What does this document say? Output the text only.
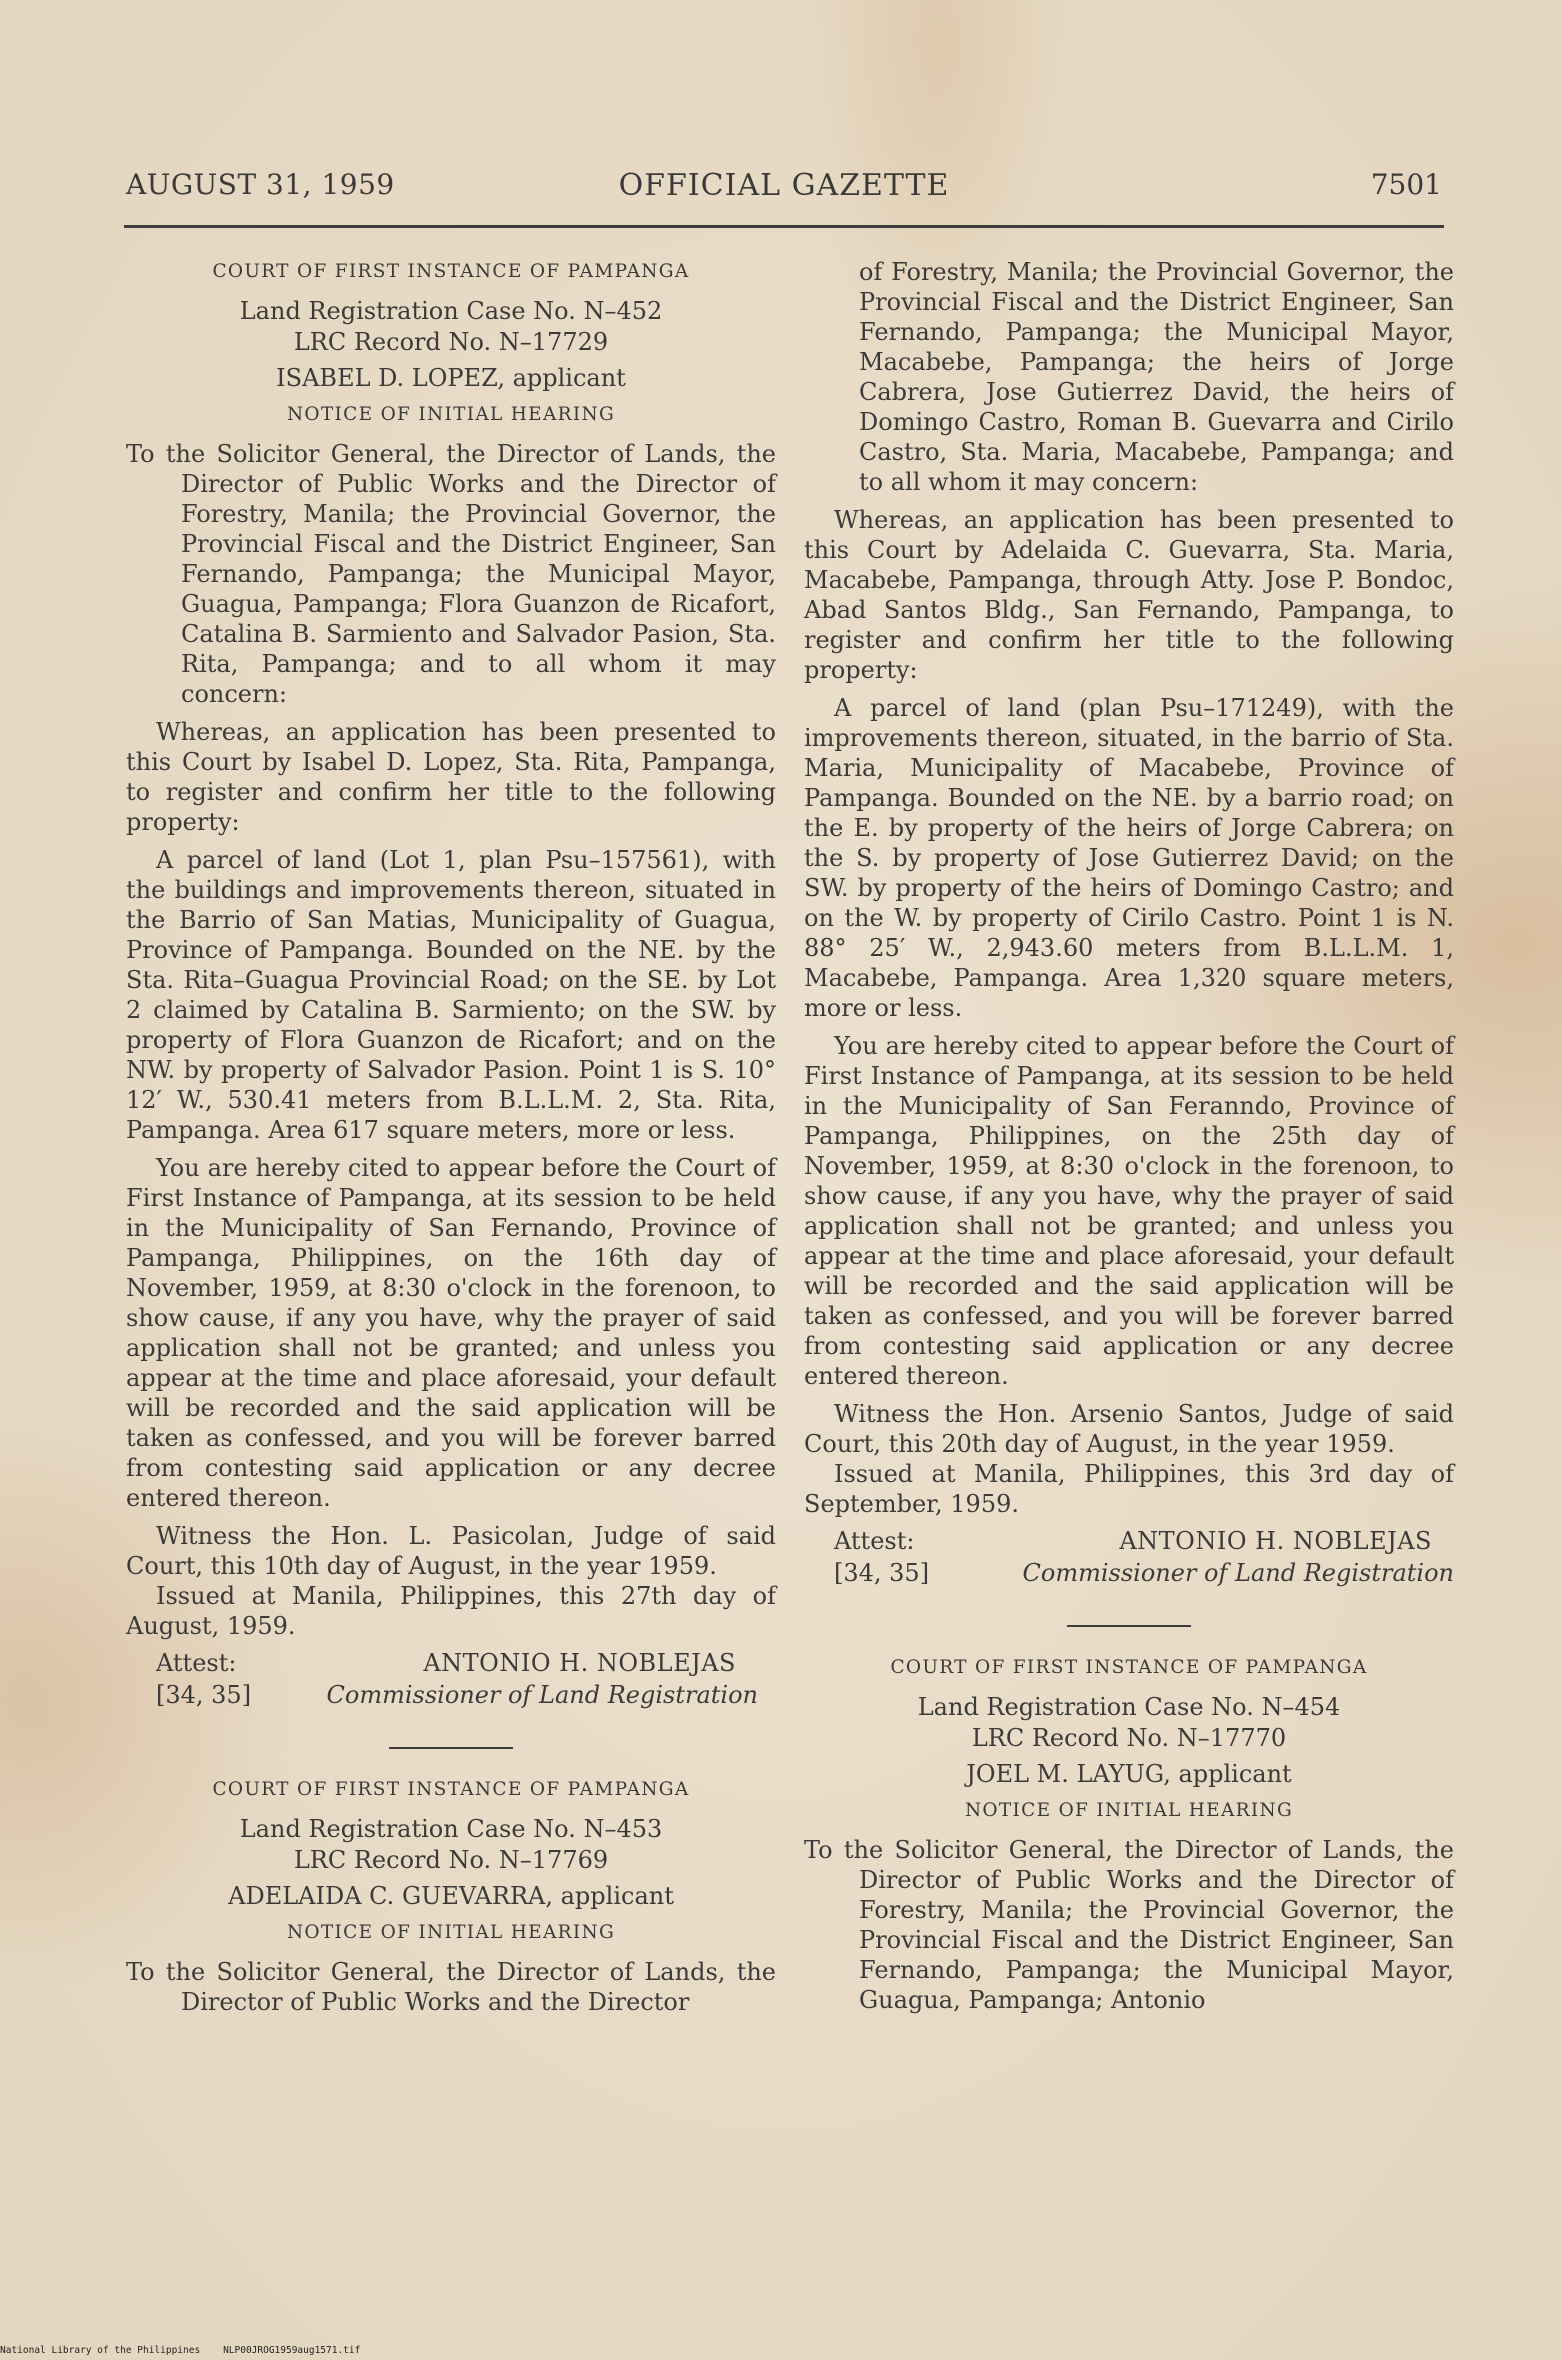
AUGUST 31, 1959	OFFICIAL GAZETTE	7501
COURT OF FIRST INSTANCE OF PAMPANGA

Land Registration Case No. N–452

LRC Record No. N–17729

ISABEL D. LOPEZ, applicant

NOTICE OF INITIAL HEARING

To the Solicitor General, the Director of Lands, the Director of Public Works and the Director of Forestry, Manila; the Provincial Governor, the Provincial Fiscal and the District Engineer, San Fernando, Pampanga; the Municipal Mayor, Guagua, Pampanga; Flora Guanzon de Ricafort, Catalina B. Sarmiento and Salvador Pasion, Sta. Rita, Pampanga; and to all whom it may concern:

Whereas, an application has been presented to this Court by Isabel D. Lopez, Sta. Rita, Pampanga, to register and confirm her title to the following property:

A parcel of land (Lot 1, plan Psu–157561), with the buildings and improvements thereon, situated in the Barrio of San Matias, Municipality of Guagua, Province of Pampanga. Bounded on the NE. by the Sta. Rita–Guagua Provincial Road; on the SE. by Lot 2 claimed by Catalina B. Sarmiento; on the SW. by property of Flora Guanzon de Ricafort; and on the NW. by property of Salvador Pasion. Point 1 is S. 10° 12′ W., 530.41 meters from B.L.L.M. 2, Sta. Rita, Pampanga. Area 617 square meters, more or less.

You are hereby cited to appear before the Court of First Instance of Pampanga, at its session to be held in the Municipality of San Fernando, Province of Pampanga, Philippines, on the 16th day of November, 1959, at 8:30 o'clock in the forenoon, to show cause, if any you have, why the prayer of said application shall not be granted; and unless you appear at the time and place aforesaid, your default will be recorded and the said application will be taken as confessed, and you will be forever barred from contesting said application or any decree entered thereon.

Witness the Hon. L. Pasicolan, Judge of said Court, this 10th day of August, in the year 1959.

Issued at Manila, Philippines, this 27th day of August, 1959.

Attest:
[34, 35]
ANTONIO H. NOBLEJAS
Commissioner of Land Registration
COURT OF FIRST INSTANCE OF PAMPANGA

Land Registration Case No. N–453

LRC Record No. N–17769

ADELAIDA C. GUEVARRA, applicant

NOTICE OF INITIAL HEARING

To the Solicitor General, the Director of Lands, the Director of Public Works and the Director

of Forestry, Manila; the Provincial Governor, the Provincial Fiscal and the District Engineer, San Fernando, Pampanga; the Municipal Mayor, Macabebe, Pampanga; the heirs of Jorge Cabrera, Jose Gutierrez David, the heirs of Domingo Castro, Roman B. Guevarra and Cirilo Castro, Sta. Maria, Macabebe, Pampanga; and to all whom it may concern:

Whereas, an application has been presented to this Court by Adelaida C. Guevarra, Sta. Maria, Macabebe, Pampanga, through Atty. Jose P. Bondoc, Abad Santos Bldg., San Fernando, Pampanga, to register and confirm her title to the following property:

A parcel of land (plan Psu–171249), with the improvements thereon, situated, in the barrio of Sta. Maria, Municipality of Macabebe, Province of Pampanga. Bounded on the NE. by a barrio road; on the E. by property of the heirs of Jorge Cabrera; on the S. by property of Jose Gutierrez David; on the SW. by property of the heirs of Domingo Castro; and on the W. by property of Cirilo Castro. Point 1 is N. 88° 25′ W., 2,943.60 meters from B.L.L.M. 1, Macabebe, Pampanga. Area 1,320 square meters, more or less.

You are hereby cited to appear before the Court of First Instance of Pampanga, at its session to be held in the Municipality of San Feranndo, Province of Pampanga, Philippines, on the 25th day of November, 1959, at 8:30 o'clock in the forenoon, to show cause, if any you have, why the prayer of said application shall not be granted; and unless you appear at the time and place aforesaid, your default will be recorded and the said application will be taken as confessed, and you will be forever barred from contesting said application or any decree entered thereon.

Witness the Hon. Arsenio Santos, Judge of said Court, this 20th day of August, in the year 1959.

Issued at Manila, Philippines, this 3rd day of September, 1959.

Attest:
[34, 35]
ANTONIO H. NOBLEJAS
Commissioner of Land Registration
COURT OF FIRST INSTANCE OF PAMPANGA

Land Registration Case No. N–454

LRC Record No. N–17770

JOEL M. LAYUG, applicant

NOTICE OF INITIAL HEARING

To the Solicitor General, the Director of Lands, the Director of Public Works and the Director of Forestry, Manila; the Provincial Governor, the Provincial Fiscal and the District Engineer, San Fernando, Pampanga; the Municipal Mayor, Guagua, Pampanga; Antonio

National Library of the Philippines NLP00JROG1959aug1571.tif
